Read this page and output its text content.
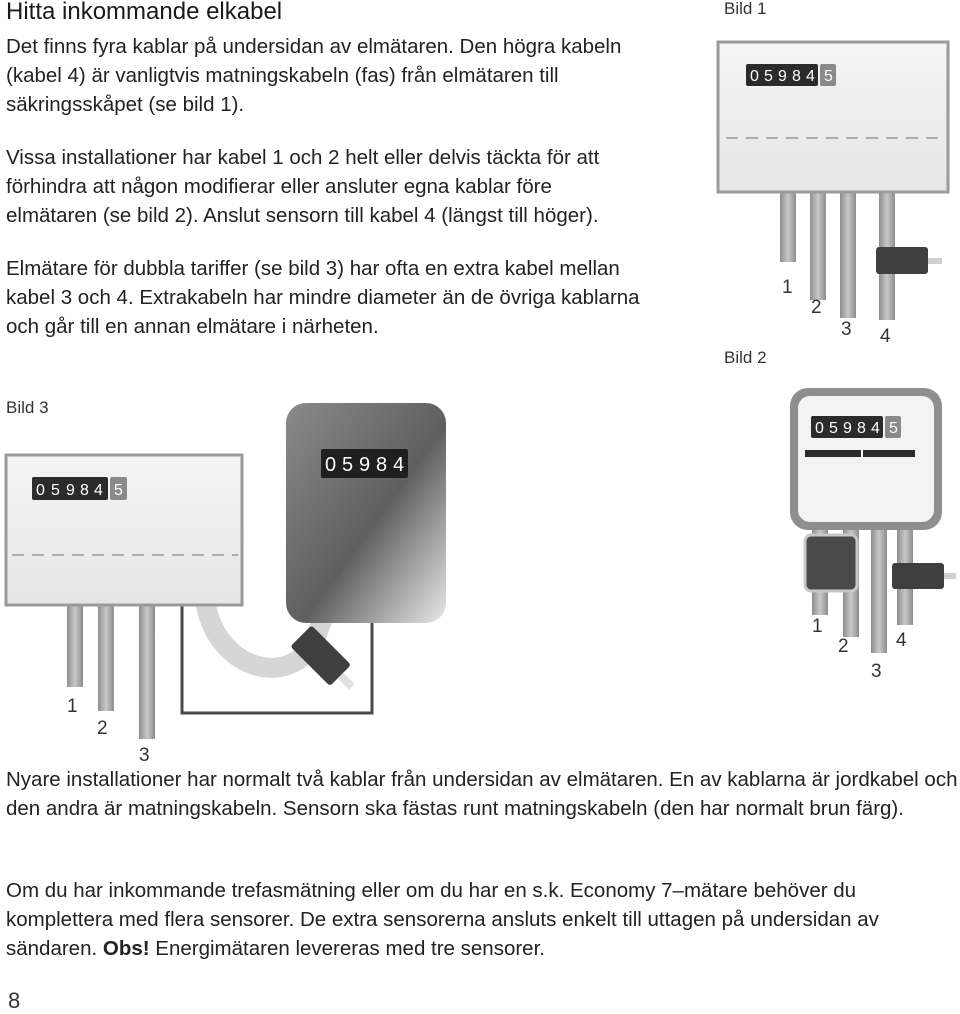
Hitta inkommande elkabel

Det finns fyra kablar på undersidan av elmätaren. Den högra kabeln (kabel 4) är vanligtvis matningskabeln (fas) från elmätaren till säkringsskåpet (se bild 1).

Vissa installationer har kabel 1 och 2 helt eller delvis täckta för att förhindra att någon modifierar eller ansluter egna kablar före elmätaren (se bild 2). Anslut sensorn till kabel 4 (längst till höger).

Elmätare för dubbla tariffer (se bild 3) har ofta en extra kabel mellan kabel 3 och 4. Extrakabeln har mindre diameter än de övriga kablarna och går till en annan elmätare i närheten.

Nyare installationer har normalt två kablar från undersidan av elmätaren. En av kablarna är jordkabel och den andra är matningskabeln. Sensorn ska fästas runt matningskabeln (den har normalt brun färg).

Om du har inkommande trefasmätning eller om du har en s.k. Economy 7–mätare behöver du komplettera med flera sensorer. De extra sensorerna ansluts enkelt till uttagen på undersidan av sändaren. Obs! Energimätaren levereras med tre sensorer.

8
Bild 1
0 5 9 8 4 5
1
2
3 4
Bild 2
0 5 9 8 4 5
1
2
3
4
Bild 3
0 5 9 8 4
0 5 9 8 4 5
1
2
3
